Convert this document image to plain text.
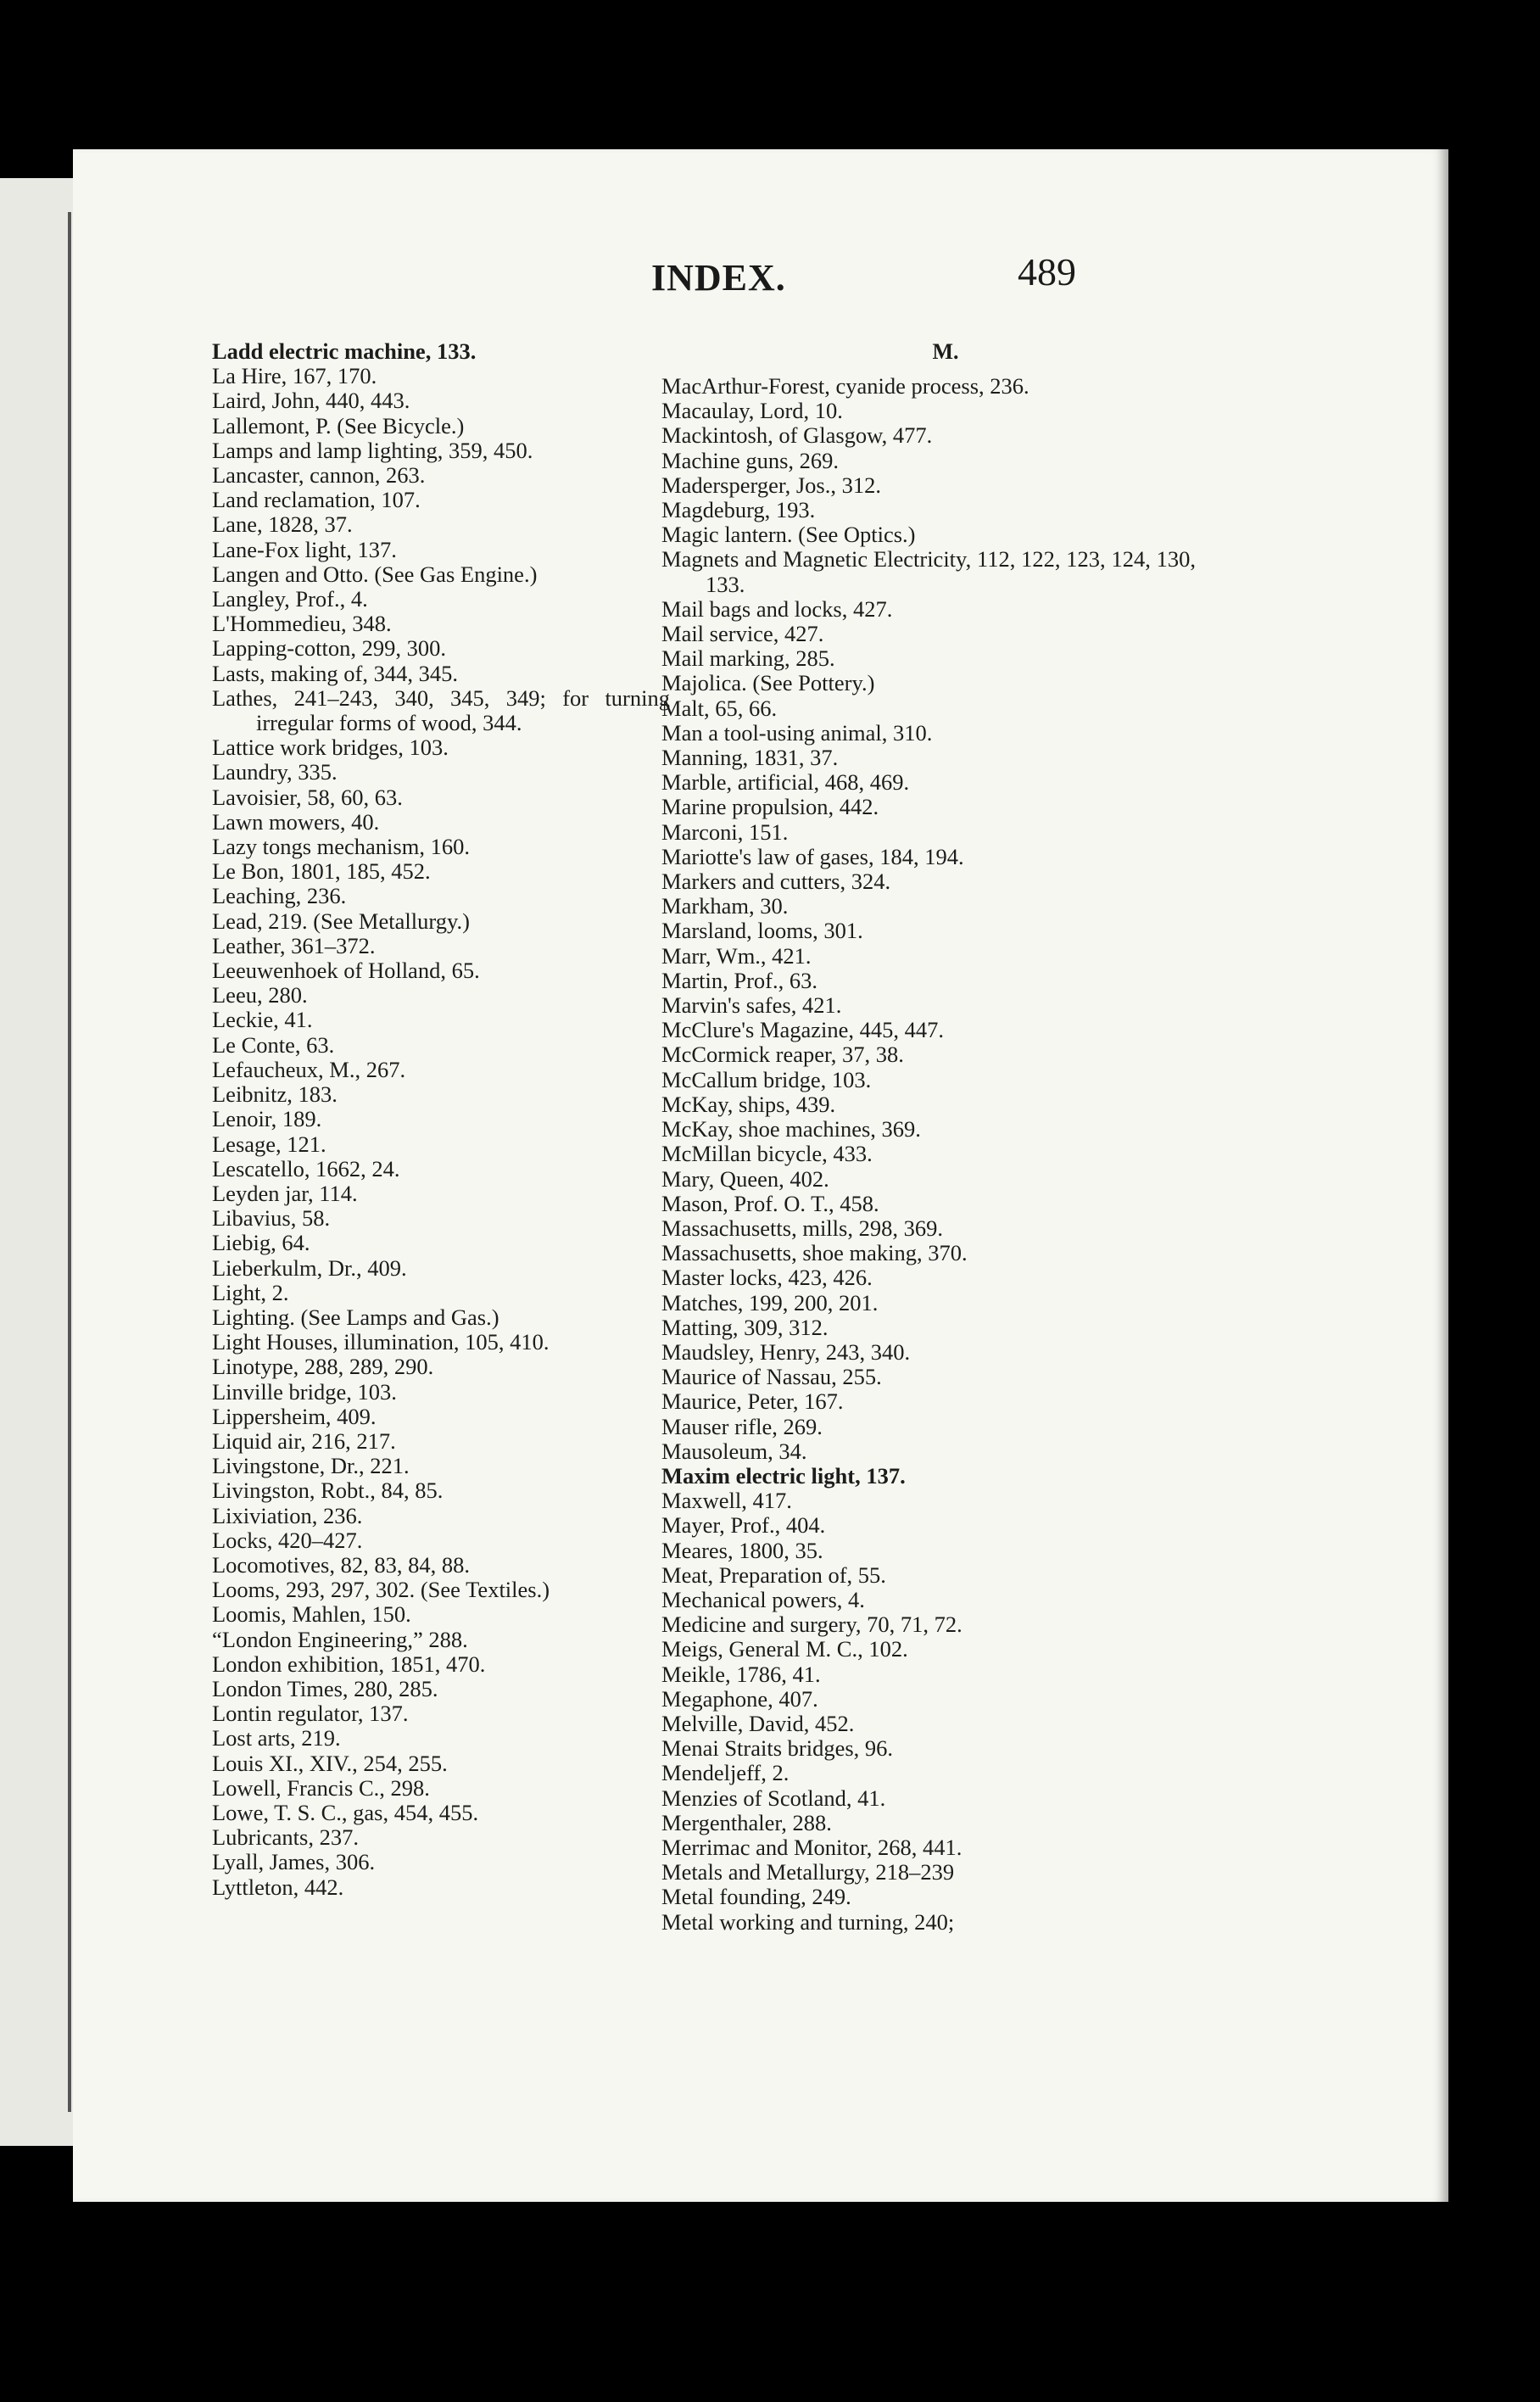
INDEX.	489
Ladd electric machine, 133.
La Hire, 167, 170.
Laird, John, 440, 443.
Lallemont, P. (See Bicycle.)
Lamps and lamp lighting, 359, 450.
Lancaster, cannon, 263.
Land reclamation, 107.
Lane, 1828, 37.
Lane-Fox light, 137.
Langen and Otto. (See Gas Engine.)
Langley, Prof., 4.
L'Hommedieu, 348.
Lapping-cotton, 299, 300.
Lasts, making of, 344, 345.
Lathes, 241–243, 340, 345, 349; for turning irregular forms of wood, 344.
Lattice work bridges, 103.
Laundry, 335.
Lavoisier, 58, 60, 63.
Lawn mowers, 40.
Lazy tongs mechanism, 160.
Le Bon, 1801, 185, 452.
Leaching, 236.
Lead, 219. (See Metallurgy.)
Leather, 361–372.
Leeuwenhoek of Holland, 65.
Leeu, 280.
Leckie, 41.
Le Conte, 63.
Lefaucheux, M., 267.
Leibnitz, 183.
Lenoir, 189.
Lesage, 121.
Lescatello, 1662, 24.
Leyden jar, 114.
Libavius, 58.
Liebig, 64.
Lieberkulm, Dr., 409.
Light, 2.
Lighting. (See Lamps and Gas.)
Light Houses, illumination, 105, 410.
Linotype, 288, 289, 290.
Linville bridge, 103.
Lippersheim, 409.
Liquid air, 216, 217.
Livingstone, Dr., 221.
Livingston, Robt., 84, 85.
Lixiviation, 236.
Locks, 420–427.
Locomotives, 82, 83, 84, 88.
Looms, 293, 297, 302. (See Textiles.)
Loomis, Mahlen, 150.
“London Engineering,” 288.
London exhibition, 1851, 470.
London Times, 280, 285.
Lontin regulator, 137.
Lost arts, 219.
Louis XI., XIV., 254, 255.
Lowell, Francis C., 298.
Lowe, T. S. C., gas, 454, 455.
Lubricants, 237.
Lyall, James, 306.
Lyttleton, 442.
M.
MacArthur-Forest, cyanide process, 236.
Macaulay, Lord, 10.
Mackintosh, of Glasgow, 477.
Machine guns, 269.
Madersperger, Jos., 312.
Magdeburg, 193.
Magic lantern. (See Optics.)
Magnets and Magnetic Electricity, 112, 122, 123, 124, 130, 133.
Mail bags and locks, 427.
Mail service, 427.
Mail marking, 285.
Majolica. (See Pottery.)
Malt, 65, 66.
Man a tool-using animal, 310.
Manning, 1831, 37.
Marble, artificial, 468, 469.
Marine propulsion, 442.
Marconi, 151.
Mariotte's law of gases, 184, 194.
Markers and cutters, 324.
Markham, 30.
Marsland, looms, 301.
Marr, Wm., 421.
Martin, Prof., 63.
Marvin's safes, 421.
McClure's Magazine, 445, 447.
McCormick reaper, 37, 38.
McCallum bridge, 103.
McKay, ships, 439.
McKay, shoe machines, 369.
McMillan bicycle, 433.
Mary, Queen, 402.
Mason, Prof. O. T., 458.
Massachusetts, mills, 298, 369.
Massachusetts, shoe making, 370.
Master locks, 423, 426.
Matches, 199, 200, 201.
Matting, 309, 312.
Maudsley, Henry, 243, 340.
Maurice of Nassau, 255.
Maurice, Peter, 167.
Mauser rifle, 269.
Mausoleum, 34.
Maxim electric light, 137.
Maxwell, 417.
Mayer, Prof., 404.
Meares, 1800, 35.
Meat, Preparation of, 55.
Mechanical powers, 4.
Medicine and surgery, 70, 71, 72.
Meigs, General M. C., 102.
Meikle, 1786, 41.
Megaphone, 407.
Melville, David, 452.
Menai Straits bridges, 96.
Mendeljeff, 2.
Menzies of Scotland, 41.
Mergenthaler, 288.
Merrimac and Monitor, 268, 441.
Metals and Metallurgy, 218–239
Metal founding, 249.
Metal working and turning, 240;
